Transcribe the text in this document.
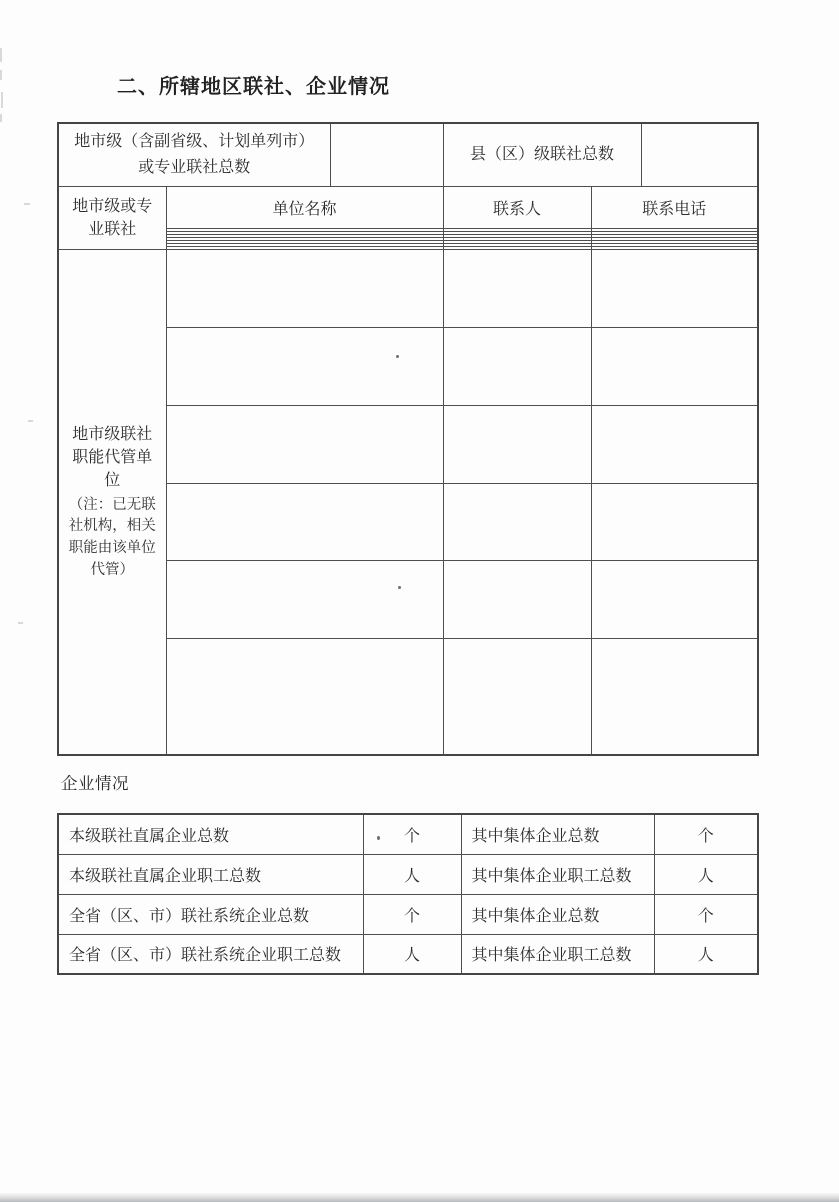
二、所辖地区联社、企业情况
地市级（含副省级、计划单列市）
或专业联社总数			县（区）级联社总数		

地市级或专
业联社	单位名称		联系人	联系电话	

地市级联社
职能代管单
位
（注：已无联
社机构，相关
职能由该单位
代管）

企业情况
本级联社直属企业总数	个	其中集体企业总数	个
本级联社直属企业职工总数	人	其中集体企业职工总数	人
全省（区、市）联社系统企业总数	个	其中集体企业总数	个
全省（区、市）联社系统企业职工总数	人	其中集体企业职工总数	人
